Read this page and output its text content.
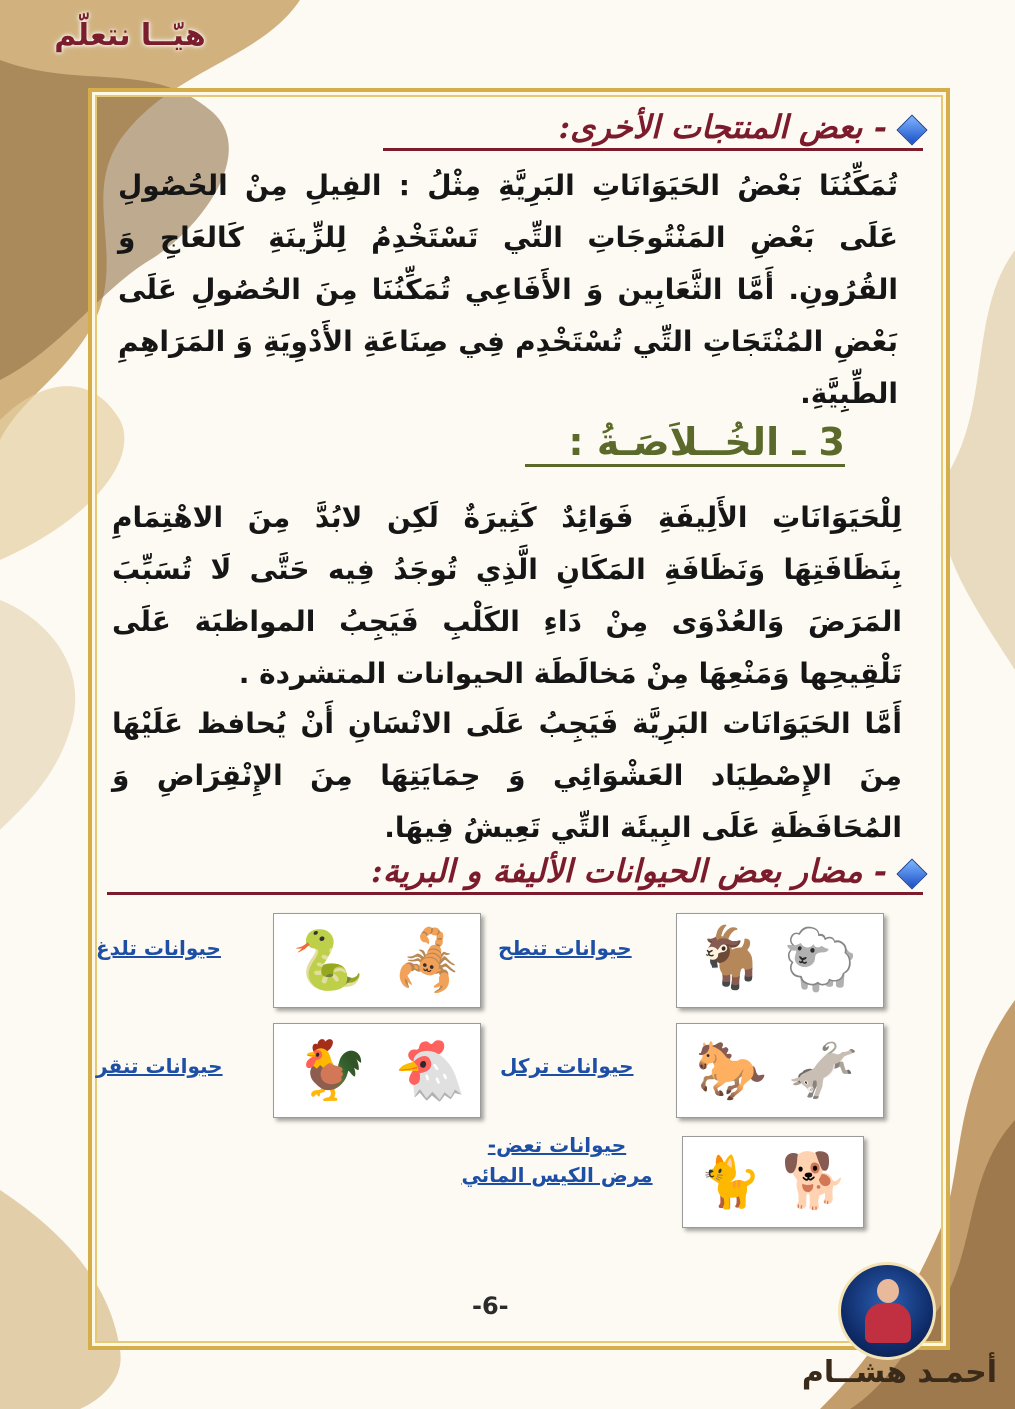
هيّــا نتعلّم
- بعض المنتجات الأخرى:
تُمَكِّنُنَا بَعْضُ الحَيَوَانَاتِ البَرِيَّةِ مِثْلُ : الفِيلِ مِنْ الحُصُولِ عَلَى بَعْضِ المَنْتُوجَاتِ التِّي تَسْتَخْدِمُ لِلزِّينَةِ كَالعَاجِ وَ القُرُونِ. أَمَّا الثَّعَابِين وَ الأَفَاعِي تُمَكِّنُنَا مِنَ الحُصُولِ عَلَى بَعْضِ المُنْتَجَاتِ التِّي تُسْتَخْدِم فِي صِنَاعَةِ الأَدْوِيَةِ وَ المَرَاهِمِ الطِّبِيَّةِ.
3 ـ الخُــلاَصَـةُ :
لِلْحَيَوَانَاتِ الأَلِيفَةِ فَوَائِدٌ كَثِيرَةٌ لَكِن لابُدَّ مِنَ الاهْتِمَامِ بِنَظَافَتِهَا وَنَظَافَةِ المَكَانِ الَّذِي تُوجَدُ فِيه حَتَّى لَا تُسَبِّبَ المَرَضَ وَالعُدْوَى مِنْ دَاءِ الكَلْبِ فَيَجِبُ المواظبَة عَلَى تَلْقِيحِها وَمَنْعِهَا مِنْ مَخالَطَة الحيوانات المتشردة .
أَمَّا الحَيَوَانَات البَرِيَّة فَيَجِبُ عَلَى الانْسَانِ أَنْ يُحافظ عَلَيْهَا مِنَ الإِصْطِيَاد العَشْوَائِي وَ حِمَايَتِهَا مِنَ الإِنْقِرَاضِ وَ المُحَافَظَةِ عَلَى البِيئَة التِّي تَعِيشُ فِيهَا.
- مضار بعض الحيوانات الأليفة و البرية:
🐑
🐐
حيوانات تنطح
🦂
🐍
حيوانات تلدغ
🫏
🐎
حيوانات تركل
🐔
🐓
حيوانات تنقر
🐕
🐈
حيوانات تعض-
مرض الكيس المائي
-6-
أحمـد هشــام
